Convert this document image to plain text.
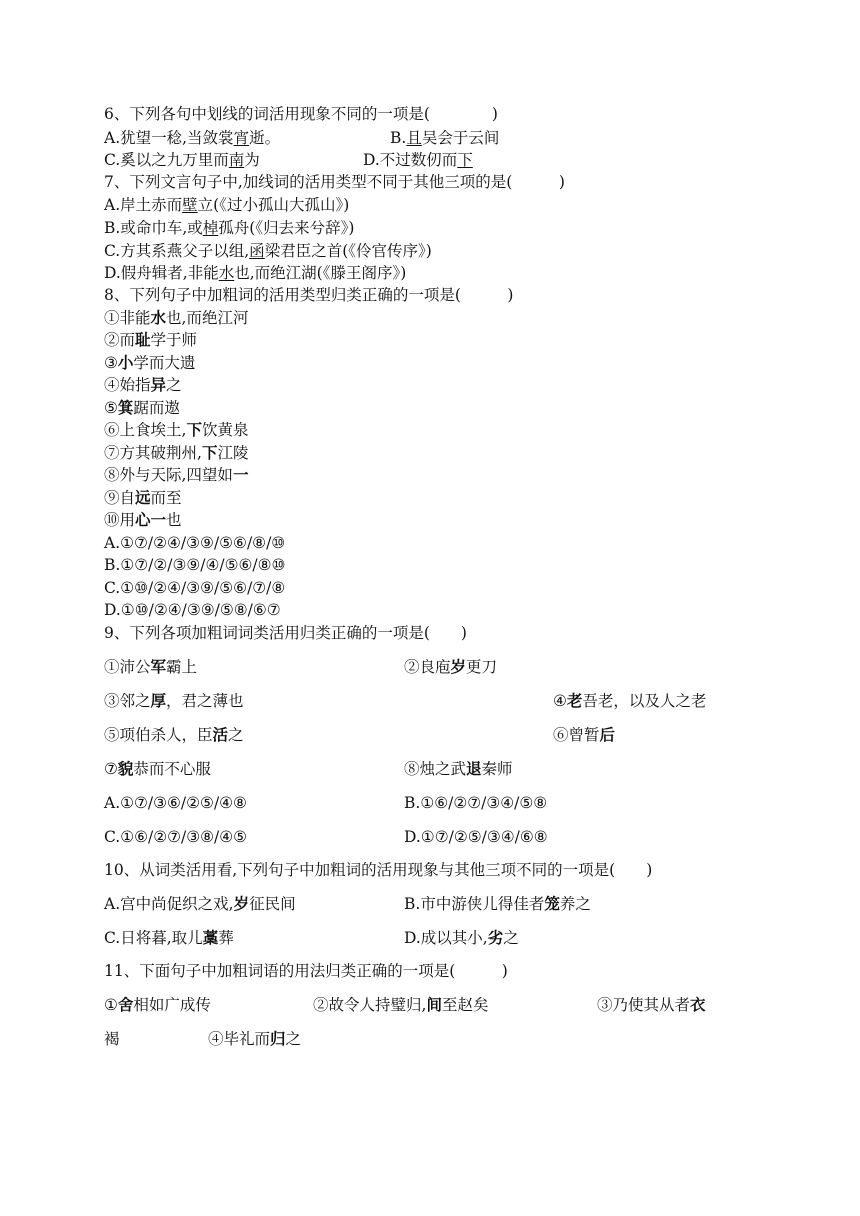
6、下列各句中划线的词活用现象不同的一项是(　　　　)
A.犹望一稔,当敛裳宵逝。	B.且吴会于云间
C.奚以之九万里而南为	D.不过数仞而下
7、下列文言句子中,加线词的活用类型不同于其他三项的是(　　　)
A.岸土赤而壁立(《过小孤山大孤山》)
B.或命巾车,或棹孤舟(《归去来兮辞》)
C.方其系燕父子以组,函梁君臣之首(《伶官传序》)
D.假舟辑者,非能水也,而绝江湖(《滕王阁序》)
8、下列句子中加粗词的活用类型归类正确的一项是(　　　)
①非能水也,而绝江河
②而耻学于师
③小学而大遗
④始指异之
⑤箕踞而遨
⑥上食埃土,下饮黄泉
⑦方其破荆州,下江陵
⑧外与天际,四望如一
⑨自远而至
⑩用心一也
A.①⑦/②④/③⑨/⑤⑥/⑧/⑩
B.①⑦/②/③⑨/④/⑤⑥/⑧⑩
C.①⑩/②④/③⑨/⑤⑥/⑦/⑧
D.①⑩/②④/③⑨/⑤⑧/⑥⑦
9、下列各项加粗词词类活用归类正确的一项是(　　)
①沛公军霸上	②良庖岁更刀
③邻之厚，君之薄也	④老吾老，以及人之老
⑤项伯杀人，臣活之	⑥曾暂后
⑦貌恭而不心服	⑧烛之武退秦师
A.①⑦/③⑥/②⑤/④⑧	B.①⑥/②⑦/③④/⑤⑧
C.①⑥/②⑦/③⑧/④⑤	D.①⑦/②⑤/③④/⑥⑧
10、从词类活用看,下列句子中加粗词的活用现象与其他三项不同的一项是(　　)
A.宫中尚促织之戏,岁征民间	B.市中游侠儿得佳者笼养之
C.日将暮,取儿藁葬	D.成以其小,劣之
11、下面句子中加粗词语的用法归类正确的一项是(　　　)
①舍相如广成传	②故令人持璧归,间至赵矣	③乃使其从者衣
褐	④毕礼而归之
